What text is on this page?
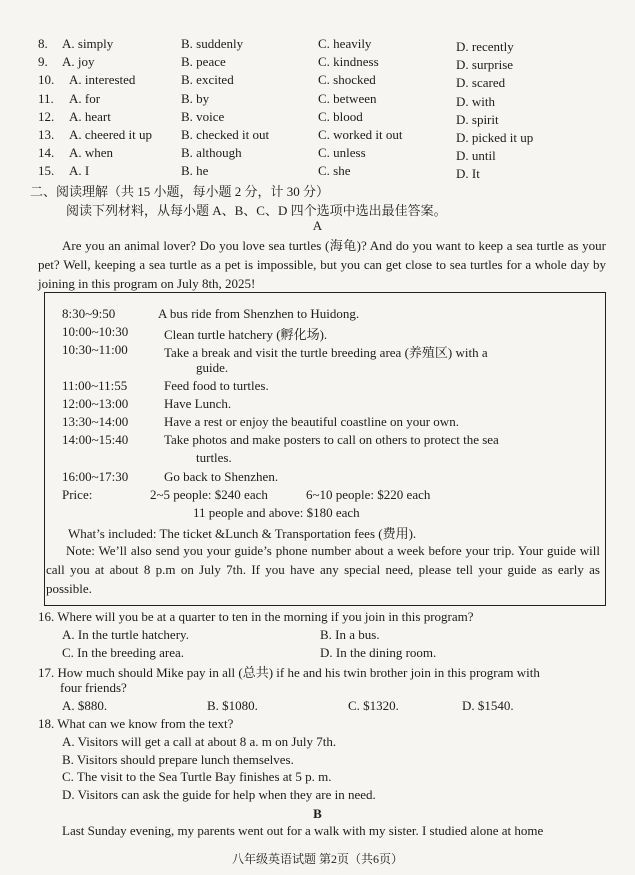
8. A. simply	B. suddenly	C. heavily	D. recently
9. A. joy	B. peace	C. kindness	D. surprise
10. A. interested	B. excited	C. shocked	D. scared
11. A. for	B. by	C. between	D. with
12. A. heart	B. voice	C. blood	D. spirit
13. A. cheered it up B. checked it out	C. worked it out	D. picked it up
14. A. when	B. although	C. unless	D. until
15. A. I	B. he	C. she	D. It
二、阅读理解（共 15 小题，每小题 2 分，计 30 分）
阅读下列材料，从每小题 A、B、C、D 四个选项中选出最佳答案。
A
Are you an animal lover? Do you love sea turtles (海龟)? And do you want to keep a sea turtle as your pet? Well, keeping a sea turtle as a pet is impossible, but you can get close to sea turtles for a whole day by joining in this program on July 8th, 2025!
8:30~9:50	A bus ride from Shenzhen to Huidong.
10:00~10:30	Clean turtle hatchery (孵化场).
10:30~11:00	Take a break and visit the turtle breeding area (养殖区) with a
guide.
11:00~11:55	Feed food to turtles.
12:00~13:00	Have Lunch.
13:30~14:00	Have a rest or enjoy the beautiful coastline on your own.
14:00~15:40	Take photos and make posters to call on others to protect the sea
turtles.
16:00~17:30	Go back to Shenzhen.
Price:	2~5 people: $240 each	6~10 people: $220 each
11 people and above: $180 each
What’s included: The ticket &Lunch & Transportation fees (费用).
Note: We’ll also send you your guide’s phone number about a week before your trip. Your guide will call you at about 8 p.m on July 7th. If you have any special need, please tell your guide as early as possible.
16. Where will you be at a quarter to ten in the morning if you join in this program?
A. In the turtle hatchery.	B. In a bus.
C. In the breeding area.	D. In the dining room.
17. How much should Mike pay in all (总共) if he and his twin brother join in this program with
four friends?
A. $880.	B. $1080.	C. $1320.	D. $1540.
18. What can we know from the text?
A. Visitors will get a call at about 8 a. m on July 7th.
B. Visitors should prepare lunch themselves.
C. The visit to the Sea Turtle Bay finishes at 5 p. m.
D. Visitors can ask the guide for help when they are in need.
B
Last Sunday evening, my parents went out for a walk with my sister. I studied alone at home
八年级英语试题 第2页（共6页）
